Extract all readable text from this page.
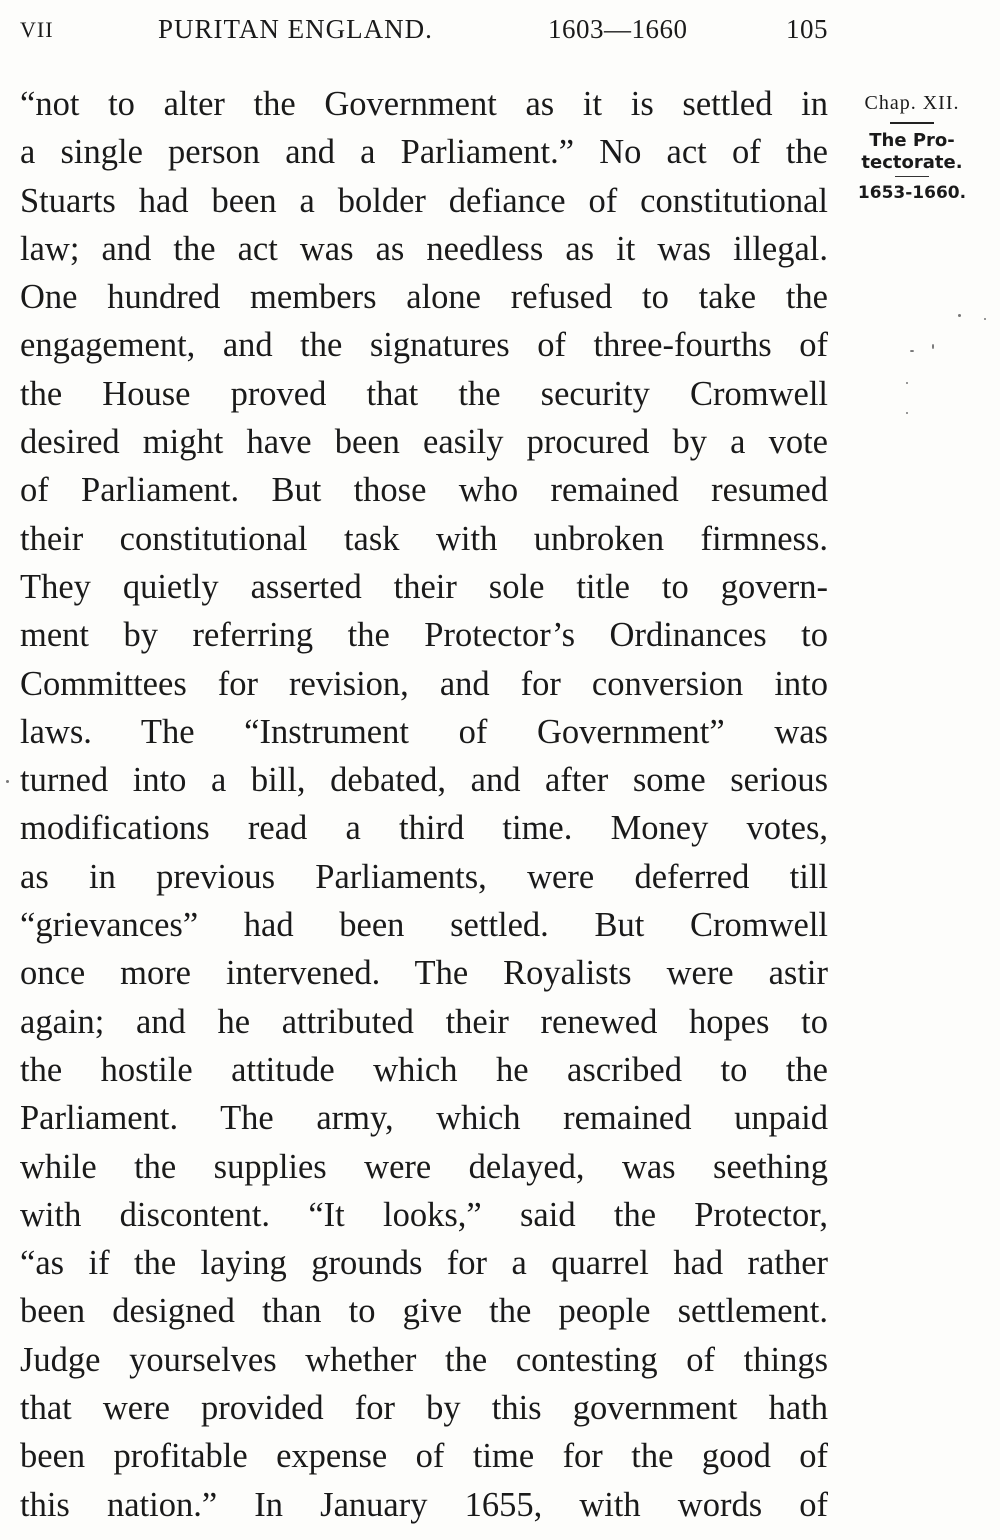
VII	PURITAN ENGLAND.	1603—1660	105
“not to alter the Government as it is settled in
a single person and a Parliament.” No act of the
Stuarts had been a bolder defiance of constitutional
law; and the act was as needless as it was illegal.
One hundred members alone refused to take the
engagement, and the signatures of three-fourths of
the House proved that the security Cromwell
desired might have been easily procured by a vote
of Parliament. But those who remained resumed
their constitutional task with unbroken firmness.
They quietly asserted their sole title to govern-
ment by referring the Protector’s Ordinances to
Committees for revision, and for conversion into
laws. The “Instrument of Government” was
turned into a bill, debated, and after some serious
modifications read a third time. Money votes,
as in previous Parliaments, were deferred till
“grievances” had been settled. But Cromwell
once more intervened. The Royalists were astir
again; and he attributed their renewed hopes to
the hostile attitude which he ascribed to the
Parliament. The army, which remained unpaid
while the supplies were delayed, was seething
with discontent. “It looks,” said the Protector,
“as if the laying grounds for a quarrel had rather
been designed than to give the people settlement.
Judge yourselves whether the contesting of things
that were provided for by this government hath
been profitable expense of time for the good of
this nation.” In January 1655, with words of
Chap. XII.
The Pro-
tectorate.
1653-1660.
